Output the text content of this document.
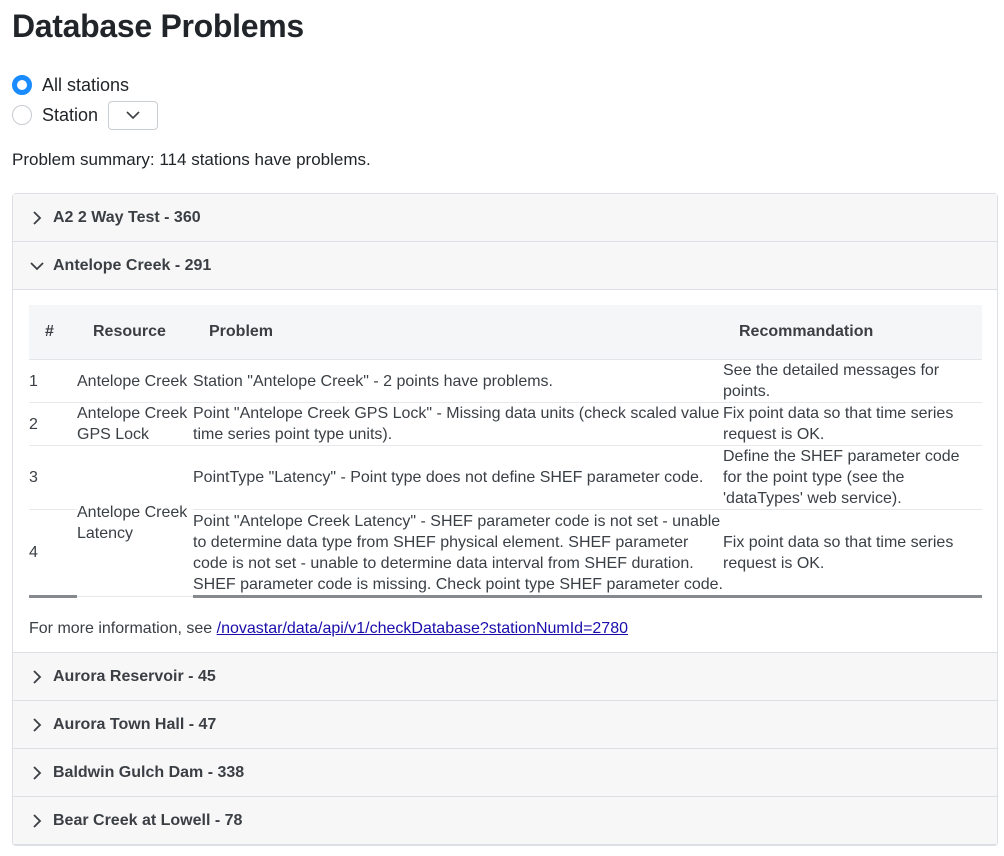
Database Problems
All stations
Station
Problem summary: 114 stations have problems.
A2 2 Way Test - 360
Antelope Creek - 291
#	Resource	Problem	Recommandation
1	Antelope Creek	Station "Antelope Creek" - 2 points have problems.	See the detailed messages for points.
2	Antelope Creek GPS Lock	Point "Antelope Creek GPS Lock" - Missing data units (check scaled value time series point type units).	Fix point data so that time series request is OK.
3	Antelope Creek Latency	PointType "Latency" - Point type does not define SHEF parameter code.	Define the SHEF parameter code for the point type (see the 'dataTypes' web service).
4		Point "Antelope Creek Latency" - SHEF parameter code is not set - unable to determine data type from SHEF physical element. SHEF parameter code is not set - unable to determine data interval from SHEF duration. SHEF parameter code is missing. Check point type SHEF parameter code.	Fix point data so that time series request is OK.
For more information, see /novastar/data/api/v1/checkDatabase?stationNumId=2780
Aurora Reservoir - 45
Aurora Town Hall - 47
Baldwin Gulch Dam - 338
Bear Creek at Lowell - 78
